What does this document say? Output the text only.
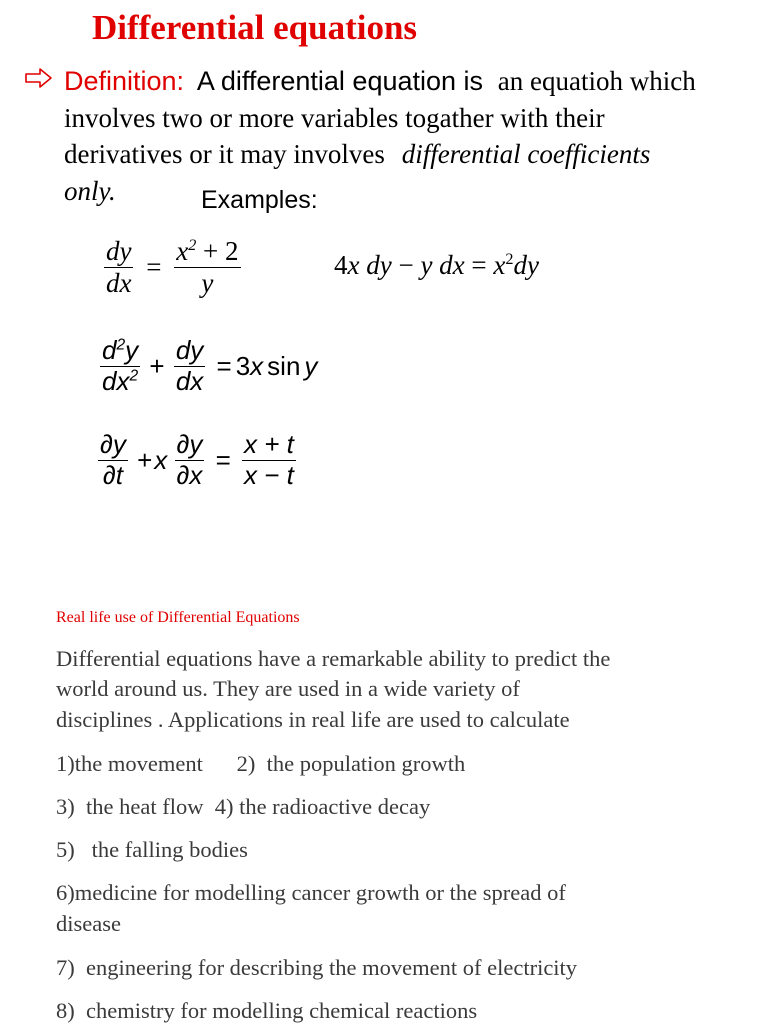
Differential equations
Definition: A differential equation is an equatioh which
involves two or more variables togather with their
derivatives or it may involves differential coefficients
only.	Examples:
$\frac{dy}{dx} = \frac{x^2 + 2}{y}$	4x dy − y dx = $x^2dy$
$\frac{d^2y}{dx^2} + \frac{dy}{dx} = 3x$ sin y
$\frac{\partial y}{\partial t} +x \frac{\partial y}{\partial x} = \frac{x + t}{x - t}$
Real life use of Differential Equations
Differential equations have a remarkable ability to predict the
world around us. They are used in a wide variety of
disciplines . Applications in real life are used to calculate
1)the movement      2)  the population growth
3)  the heat flow  4) the radioactive decay
5)   the falling bodies
6)medicine for modelling cancer growth or the spread of
disease
7)  engineering for describing the movement of electricity
8)  chemistry for modelling chemical reactions
